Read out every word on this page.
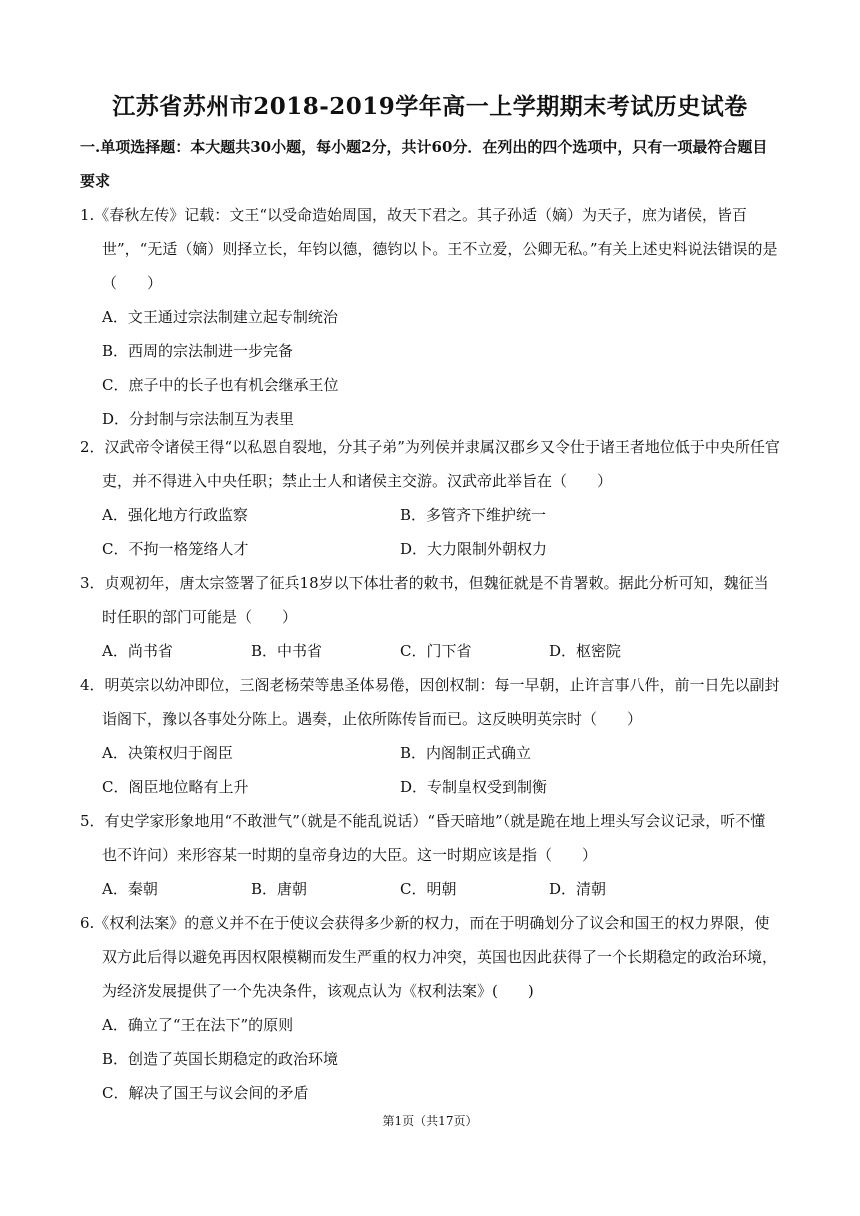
江苏省苏州市2018-2019学年高一上学期期末考试历史试卷
一.单项选择题：本大题共30小题，每小题2分，共计60分．在列出的四个选项中，只有一项最符合题目要求
1.《春秋左传》记载：文王“以受命造始周国，故天下君之。其子孙适（嫡）为天子，庶为诸侯，皆百世”，“无适（嫡）则择立长，年钧以德，德钧以卜。王不立爱，公卿无私。”有关上述史料说法错误的是（　　）
A．文王通过宗法制建立起专制统治
B．西周的宗法制进一步完备
C．庶子中的长子也有机会继承王位
D．分封制与宗法制互为表里
2．汉武帝令诸侯王得“以私恩自裂地，分其子弟”为列侯并隶属汉郡乡又令仕于诸王者地位低于中央所任官吏，并不得进入中央任职；禁止士人和诸侯主交游。汉武帝此举旨在（　　）
A．强化地方行政监察	B．多管齐下维护统一
C．不拘一格笼络人才	D．大力限制外朝权力
3．贞观初年，唐太宗签署了征兵18岁以下体壮者的敕书，但魏征就是不肯署敕。据此分析可知，魏征当时任职的部门可能是（　　）
A．尚书省	B．中书省	C．门下省	D．枢密院
4．明英宗以幼冲即位，三阁老杨荣等患圣体易倦，因创权制：每一早朝，止许言事八件，前一日先以副封诣阁下，豫以各事处分陈上。遇奏，止依所陈传旨而已。这反映明英宗时（　　）
A．决策权归于阁臣	B．内阁制正式确立
C．阁臣地位略有上升	D．专制皇权受到制衡
5．有史学家形象地用“不敢泄气”（就是不能乱说话）“昏天暗地”（就是跪在地上埋头写会议记录，听不懂也不许问）来形容某一时期的皇帝身边的大臣。这一时期应该是指（　　）
A．秦朝	B．唐朝	C．明朝	D．清朝
6.《权利法案》的意义并不在于使议会获得多少新的权力，而在于明确划分了议会和国王的权力界限，使双方此后得以避免再因权限模糊而发生严重的权力冲突，英国也因此获得了一个长期稳定的政治环境，为经济发展提供了一个先决条件，该观点认为《权利法案》(　　)
A．确立了“王在法下”的原则
B．创造了英国长期稳定的政治环境
C．解决了国王与议会间的矛盾
第1页（共17页）
